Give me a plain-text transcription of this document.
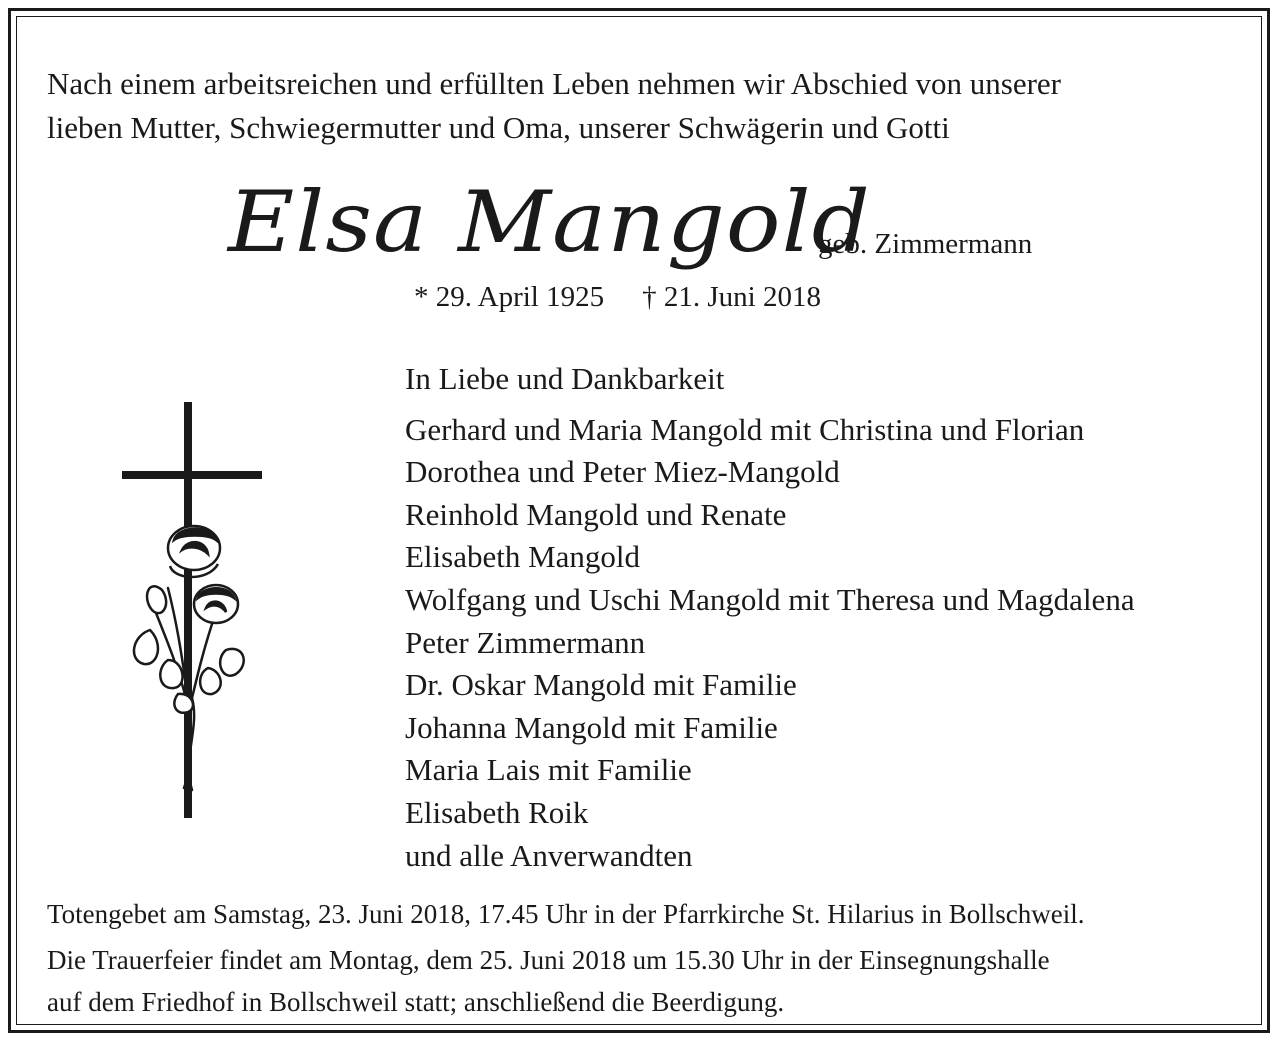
Nach einem arbeitsreichen und erfüllten Leben nehmen wir Abschied von unserer
lieben Mutter, Schwiegermutter und Oma, unserer Schwägerin und Gotti
Elsa Mangold
geb. Zimmermann
* 29. April 1925 † 21. Juni 2018
In Liebe und Dankbarkeit
Gerhard und Maria Mangold mit Christina und Florian
Dorothea und Peter Miez-Mangold
Reinhold Mangold und Renate
Elisabeth Mangold
Wolfgang und Uschi Mangold mit Theresa und Magdalena
Peter Zimmermann
Dr. Oskar Mangold mit Familie
Johanna Mangold mit Familie
Maria Lais mit Familie
Elisabeth Roik
und alle Anverwandten
Totengebet am Samstag, 23. Juni 2018, 17.45 Uhr in der Pfarrkirche St. Hilarius in Bollschweil.
Die Trauerfeier findet am Montag, dem 25. Juni 2018 um 15.30 Uhr in der Einsegnungshalle
auf dem Friedhof in Bollschweil statt; anschließend die Beerdigung.
